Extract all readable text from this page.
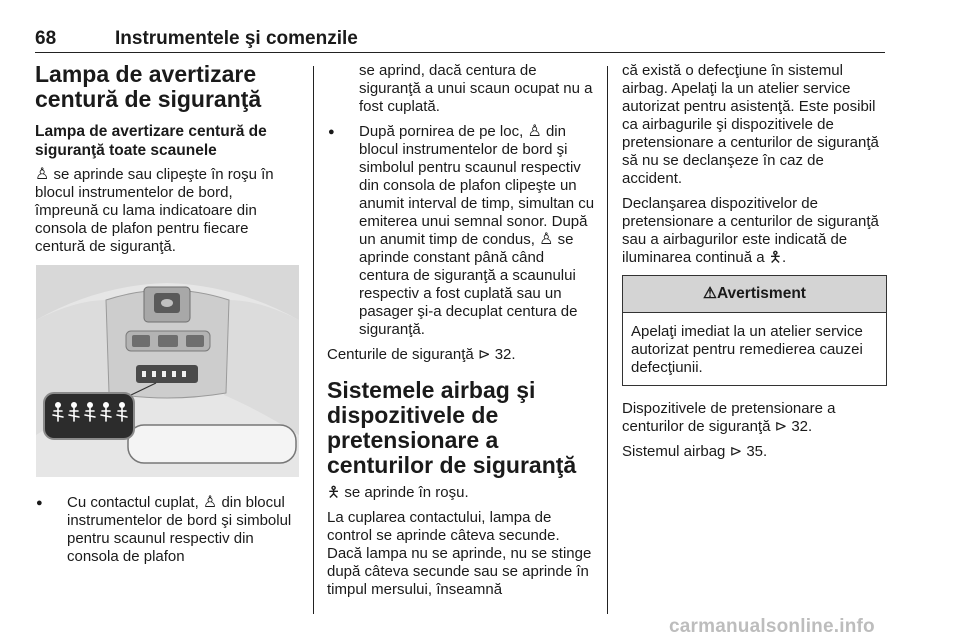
68	Instrumentele şi comenzile
Lampa de avertizare centură de siguranţă
Lampa de avertizare centură de siguranţă toate scaunele

♙ se aprinde sau clipeşte în roşu în blocul instrumentelor de bord, împreună cu lama indicatoare din consola de plafon pentru fiecare centură de siguranţă.

● Cu contactul cuplat, ♙ din blocul instrumentelor de bord şi simbolul pentru scaunul respectiv din consola de plafon
se aprind, dacă centura de siguranţă a unui scaun ocupat nu a fost cuplată.
● După pornirea de pe loc, ♙ din blocul instrumentelor de bord şi simbolul pentru scaunul respectiv din consola de plafon clipeşte un anumit interval de timp, simultan cu emiterea unui semnal sonor. După un anumit timp de condus, ♙ se aprinde constant până când centura de siguranţă a scaunului respectiv a fost cuplată sau un pasager şi-a decuplat centura de siguranţă.

Centurile de siguranţă ⊳ 32.

Sistemele airbag şi dispozitivele de pretensionare a centurilor de siguranţă

🯅 se aprinde în roşu.

La cuplarea contactului, lampa de control se aprinde câteva secunde. Dacă lampa nu se aprinde, nu se stinge după câteva secunde sau se aprinde în timpul mersului, înseamnă

că există o defecţiune în sistemul airbag. Apelaţi la un atelier service autorizat pentru asistenţă. Este posibil ca airbagurile şi dispozitivele de pretensionare a centurilor de siguranţă să nu se declanşeze în caz de accident.

Declanşarea dispozitivelor de pretensionare a centurilor de siguranţă sau a airbagurilor este indicată de iluminarea continuă a 🯅.

⚠Avertisment
Apelaţi imediat la un atelier service autorizat pentru remedierea cauzei defecţiunii.

Dispozitivele de pretensionare a centurilor de siguranţă ⊳ 32.

Sistemul airbag ⊳ 35.

carmanualsonline.info
